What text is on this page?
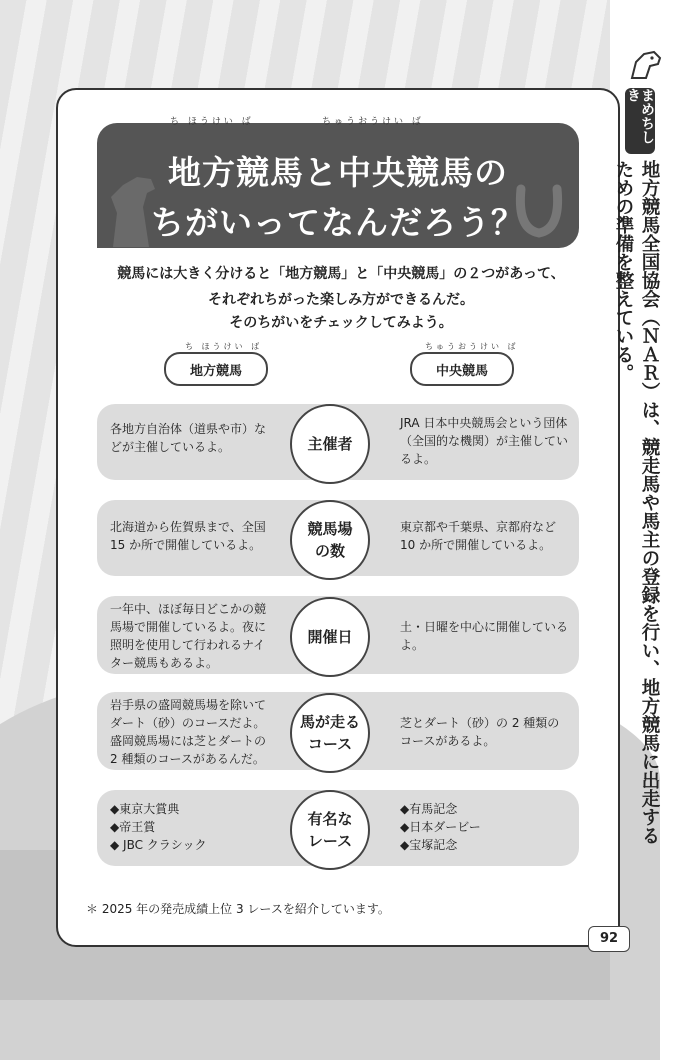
地方競馬と中央競馬の
ちがいってなんだろう？
ち ほうけい ば	ちゅうおうけい ば
競馬には大きく分けると「地方競馬」と「中央競馬」の２つがあって、
それぞれちがった楽しみ方ができるんだ。
そのちがいをチェックしてみよう。
ち ほうけい ば
地方競馬
ちゅうおうけい ば
中央競馬
各地方自治体（道県や市）などが主催しているよ。
JRA 日本中央競馬会という団体（全国的な機関）が主催しているよ。
主催者
北海道から佐賀県まで、全国15 か所で開催しているよ。
東京都や千葉県、京都府など10 か所で開催しているよ。
競馬場の数
一年中、ほぼ毎日どこかの競馬場で開催しているよ。夜に照明を使用して行われるナイター競馬もあるよ。
土・日曜を中心に開催しているよ。
開催日
岩手県の盛岡競馬場を除いてダート（砂）のコースだよ。盛岡競馬場には芝とダートの2 種類のコースがあるんだ。
芝とダート（砂）の 2 種類のコースがあるよ。
馬が走るコース
◆東京大賞典
◆帝王賞
◆ JBC クラシック
◆有馬記念
◆日本ダービー
◆宝塚記念
有名なレース
＊ 2025 年の発売成績上位 3 レースを紹介しています。
まめちしき
地方競馬全国協会（ＮＡＲ）は、競走馬や馬主の登録を行い、地方競馬に出走するための準備を整えている。
92
